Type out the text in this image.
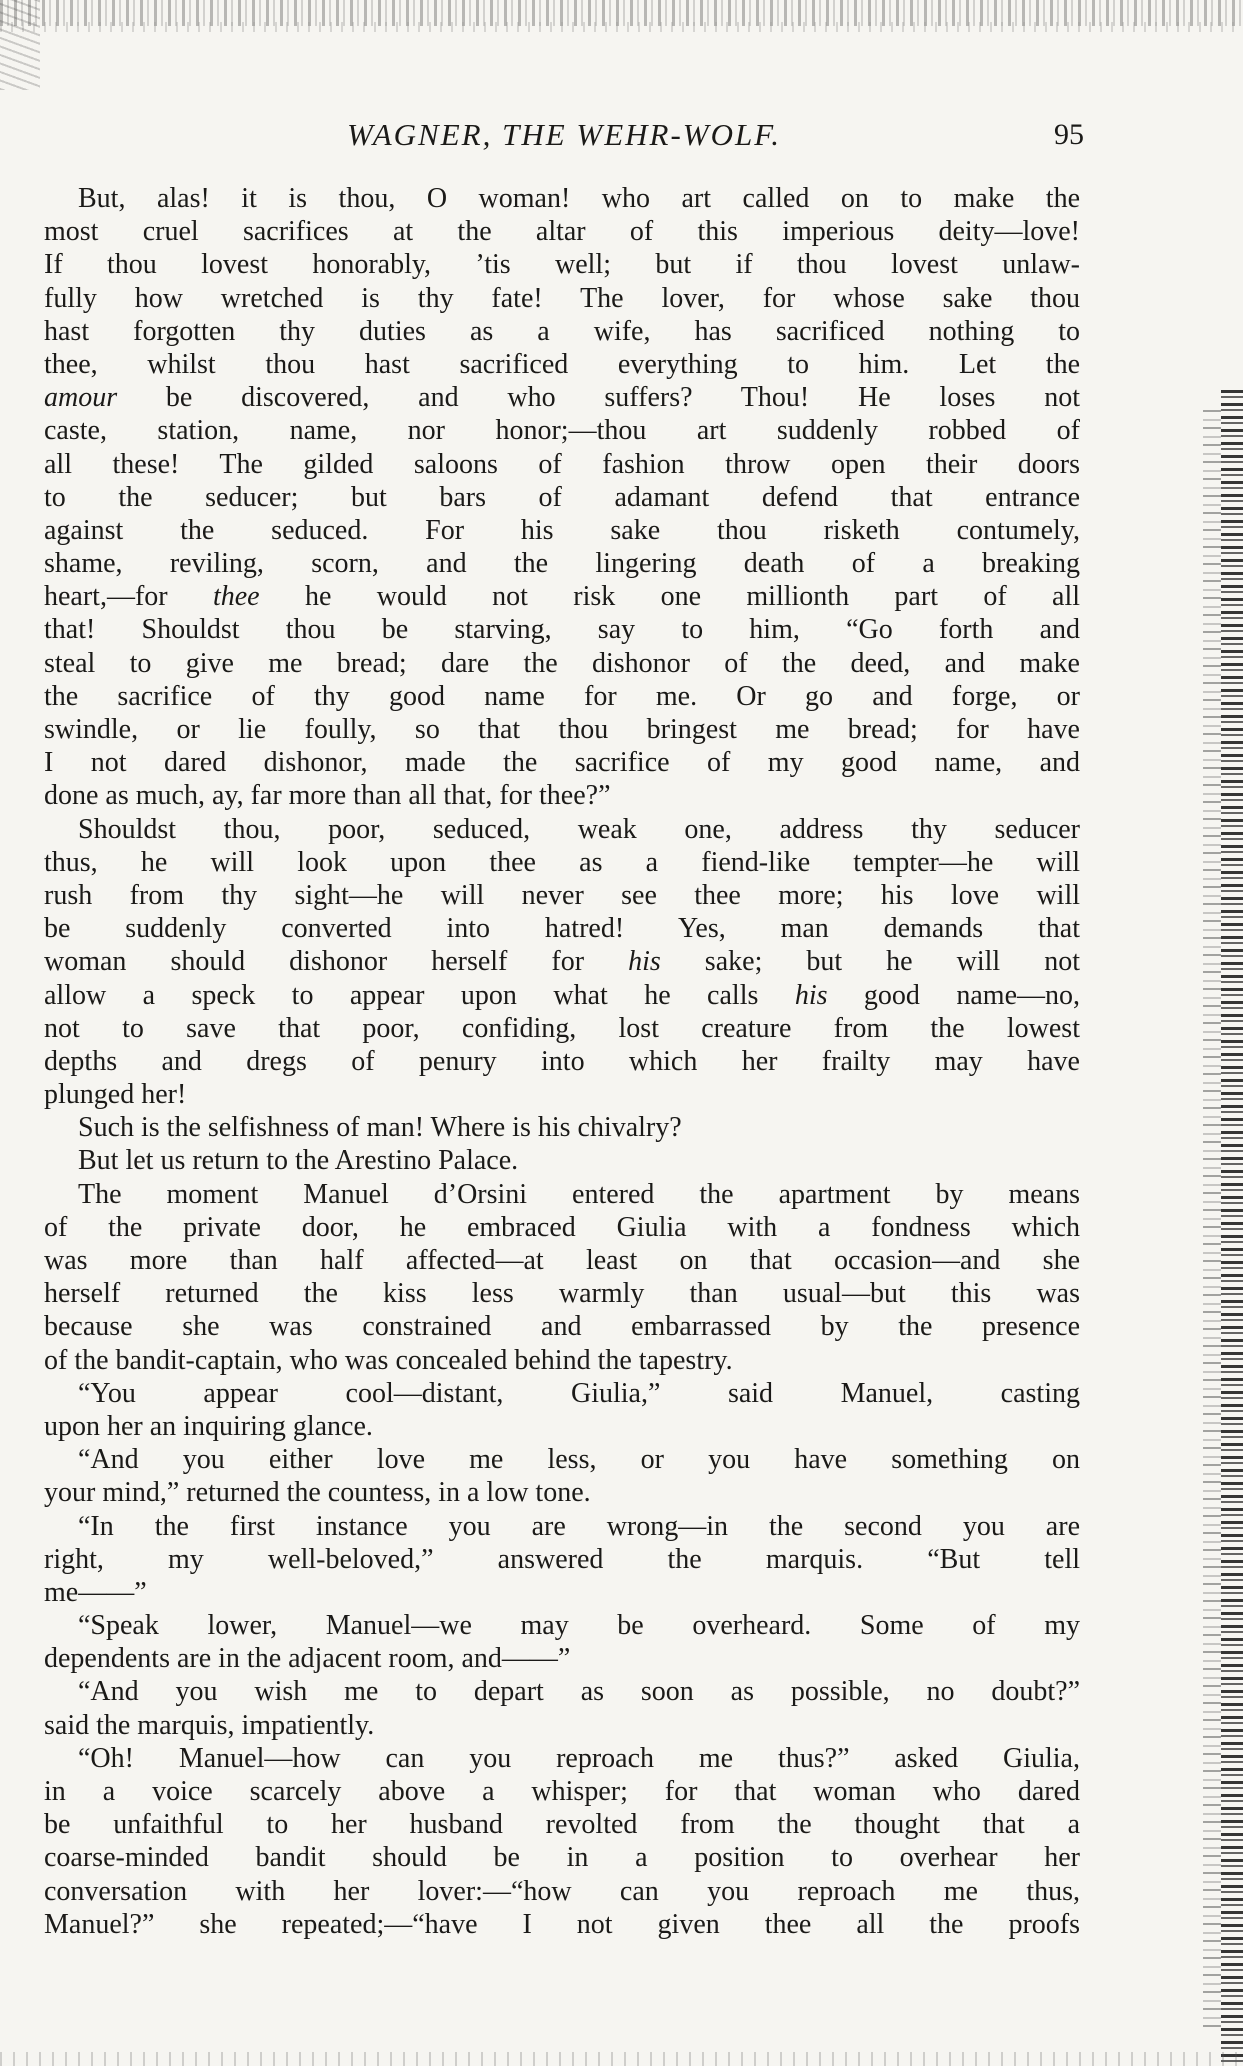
WAGNER, THE WEHR-WOLF.	95
But, alas! it is thou, O woman! who art called on to make the
most cruel sacrifices at the altar of this imperious deity—love!
If thou lovest honorably, ’tis well; but if thou lovest unlaw-
fully how wretched is thy fate! The lover, for whose sake thou
hast forgotten thy duties as a wife, has sacrificed nothing to
thee, whilst thou hast sacrificed everything to him. Let the
amour be discovered, and who suffers? Thou! He loses not
caste, station, name, nor honor;—thou art suddenly robbed of
all these! The gilded saloons of fashion throw open their doors
to the seducer; but bars of adamant defend that entrance
against the seduced. For his sake thou risketh contumely,
shame, reviling, scorn, and the lingering death of a breaking
heart,—for thee he would not risk one millionth part of all
that! Shouldst thou be starving, say to him, “Go forth and
steal to give me bread; dare the dishonor of the deed, and make
the sacrifice of thy good name for me. Or go and forge, or
swindle, or lie foully, so that thou bringest me bread; for have
I not dared dishonor, made the sacrifice of my good name, and
done as much, ay, far more than all that, for thee?”
Shouldst thou, poor, seduced, weak one, address thy seducer
thus, he will look upon thee as a fiend-like tempter—he will
rush from thy sight—he will never see thee more; his love will
be suddenly converted into hatred! Yes, man demands that
woman should dishonor herself for his sake; but he will not
allow a speck to appear upon what he calls his good name—no,
not to save that poor, confiding, lost creature from the lowest
depths and dregs of penury into which her frailty may have
plunged her!
Such is the selfishness of man! Where is his chivalry?
But let us return to the Arestino Palace.
The moment Manuel d’Orsini entered the apartment by means
of the private door, he embraced Giulia with a fondness which
was more than half affected—at least on that occasion—and she
herself returned the kiss less warmly than usual—but this was
because she was constrained and embarrassed by the presence
of the bandit-captain, who was concealed behind the tapestry.
“You appear cool—distant, Giulia,” said Manuel, casting
upon her an inquiring glance.
“And you either love me less, or you have something on
your mind,” returned the countess, in a low tone.
“In the first instance you are wrong—in the second you are
right, my well-beloved,” answered the marquis. “But tell
me——”
“Speak lower, Manuel—we may be overheard. Some of my
dependents are in the adjacent room, and——”
“And you wish me to depart as soon as possible, no doubt?”
said the marquis, impatiently.
“Oh! Manuel—how can you reproach me thus?” asked Giulia,
in a voice scarcely above a whisper; for that woman who dared
be unfaithful to her husband revolted from the thought that a
coarse-minded bandit should be in a position to overhear her
conversation with her lover:—“how can you reproach me thus,
Manuel?” she repeated;—“have I not given thee all the proofs
